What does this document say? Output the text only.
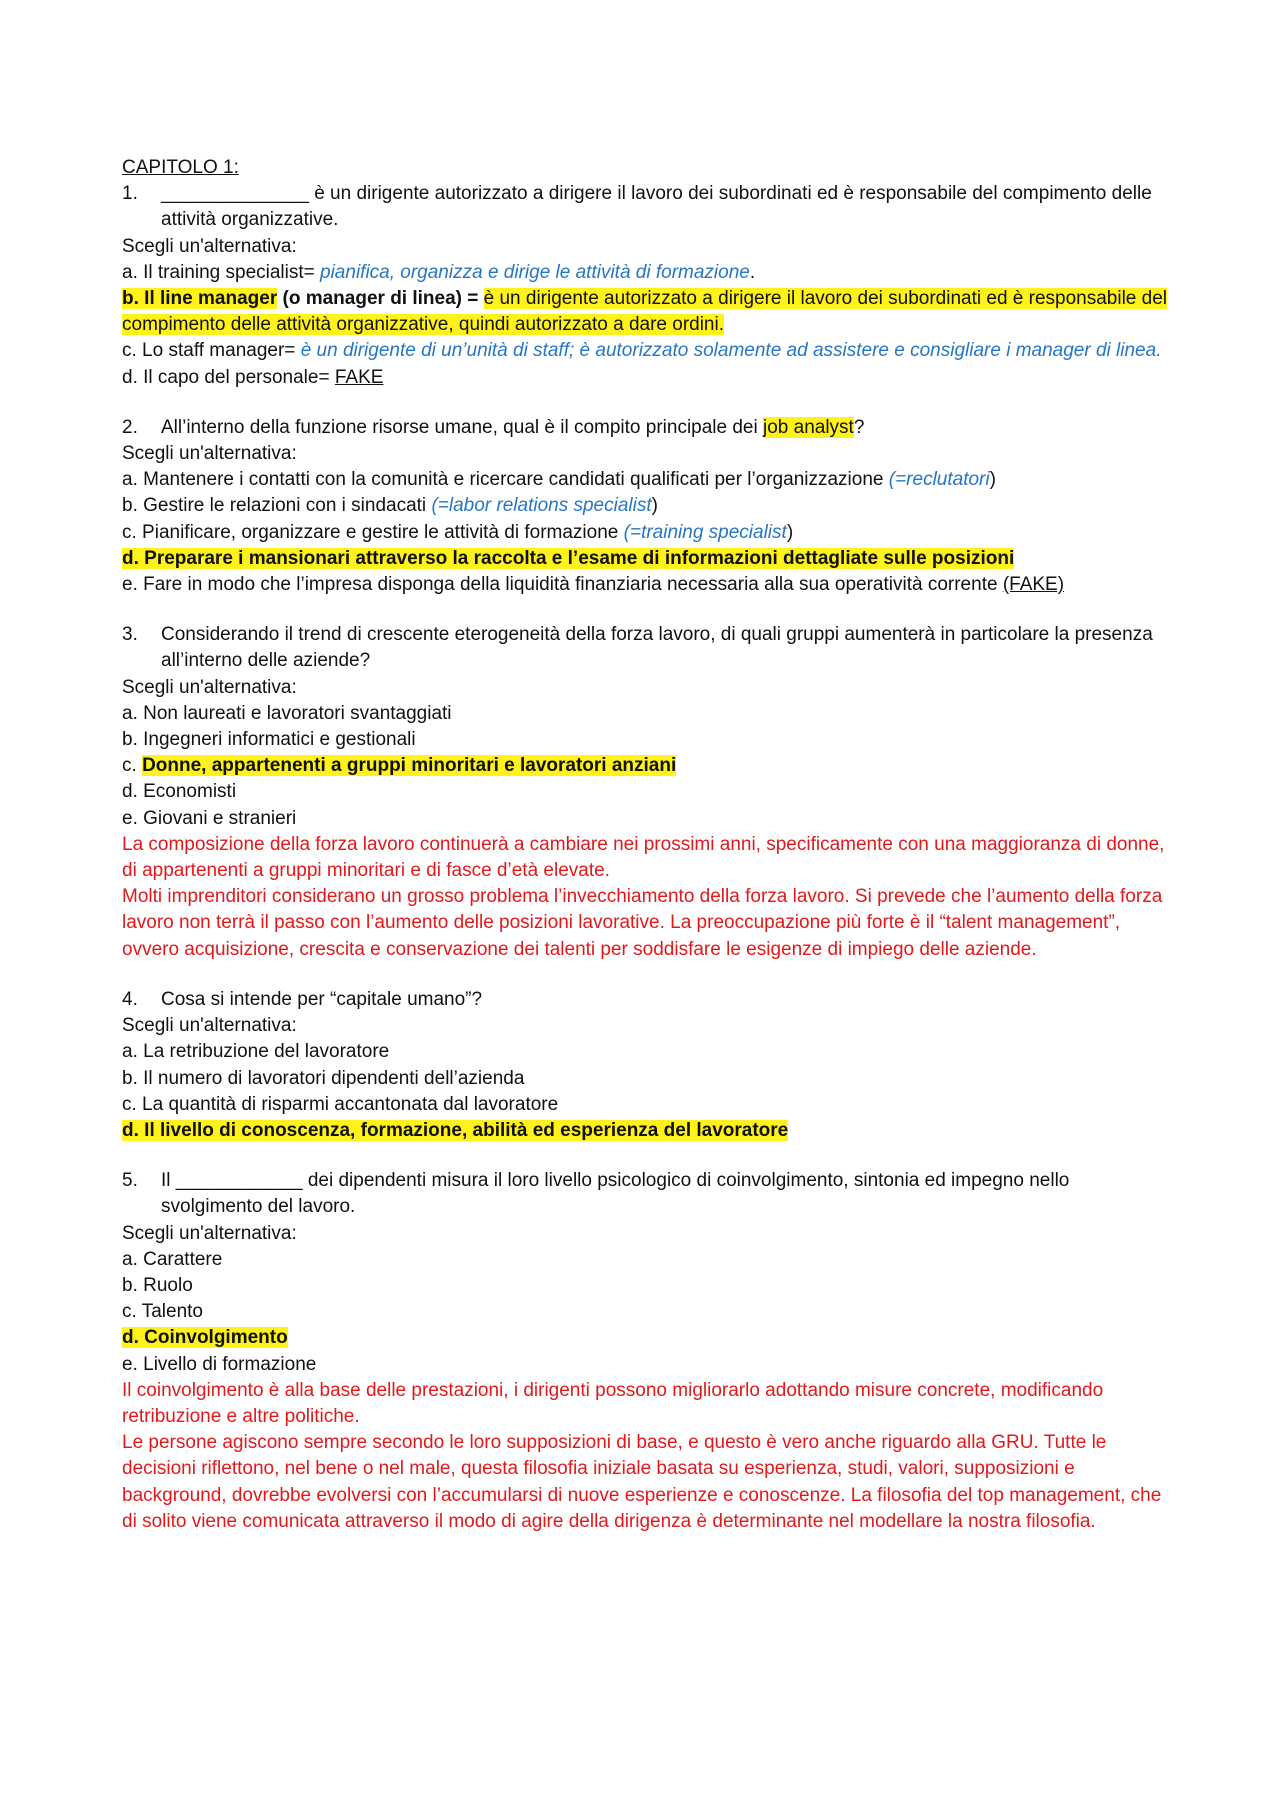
CAPITOLO 1:
1.	______________ è un dirigente autorizzato a dirigere il lavoro dei subordinati ed è responsabile del compimento delle attività organizzative.
Scegli un'alternativa:
a. Il training specialist= pianifica, organizza e dirige le attività di formazione.
b. Il line manager (o manager di linea) = è un dirigente autorizzato a dirigere il lavoro dei subordinati ed è responsabile del compimento delle attività organizzative, quindi autorizzato a dare ordini.
c. Lo staff manager= è un dirigente di un’unità di staff; è autorizzato solamente ad assistere e consigliare i manager di linea.
d. Il capo del personale= FAKE
2.	All’interno della funzione risorse umane, qual è il compito principale dei job analyst?
Scegli un'alternativa:
a. Mantenere i contatti con la comunità e ricercare candidati qualificati per l’organizzazione (=reclutatori)
b. Gestire le relazioni con i sindacati (=labor relations specialist)
c. Pianificare, organizzare e gestire le attività di formazione (=training specialist)
d. Preparare i mansionari attraverso la raccolta e l’esame di informazioni dettagliate sulle posizioni
e. Fare in modo che l’impresa disponga della liquidità finanziaria necessaria alla sua operatività corrente (FAKE)
3.	Considerando il trend di crescente eterogeneità della forza lavoro, di quali gruppi aumenterà in particolare la presenza all’interno delle aziende?
Scegli un'alternativa:
a. Non laureati e lavoratori svantaggiati
b. Ingegneri informatici e gestionali
c. Donne, appartenenti a gruppi minoritari e lavoratori anziani
d. Economisti
e. Giovani e stranieri
La composizione della forza lavoro continuerà a cambiare nei prossimi anni, specificamente con una maggioranza di donne, di appartenenti a gruppi minoritari e di fasce d’età elevate.
Molti imprenditori considerano un grosso problema l’invecchiamento della forza lavoro. Si prevede che l’aumento della forza lavoro non terrà il passo con l’aumento delle posizioni lavorative. La preoccupazione più forte è il “talent management”, ovvero acquisizione, crescita e conservazione dei talenti per soddisfare le esigenze di impiego delle aziende.
4.	Cosa si intende per “capitale umano”?
Scegli un'alternativa:
a. La retribuzione del lavoratore
b. Il numero di lavoratori dipendenti dell’azienda
c. La quantità di risparmi accantonata dal lavoratore
d. Il livello di conoscenza, formazione, abilità ed esperienza del lavoratore
5.	Il ____________ dei dipendenti misura il loro livello psicologico di coinvolgimento, sintonia ed impegno nello svolgimento del lavoro.
Scegli un'alternativa:
a. Carattere
b. Ruolo
c. Talento
d. Coinvolgimento
e. Livello di formazione
Il coinvolgimento è alla base delle prestazioni, i dirigenti possono migliorarlo adottando misure concrete, modificando retribuzione e altre politiche.
Le persone agiscono sempre secondo le loro supposizioni di base, e questo è vero anche riguardo alla GRU. Tutte le decisioni riflettono, nel bene o nel male, questa filosofia iniziale basata su esperienza, studi, valori, supposizioni e background, dovrebbe evolversi con l’accumularsi di nuove esperienze e conoscenze. La filosofia del top management, che di solito viene comunicata attraverso il modo di agire della dirigenza è determinante nel modellare la nostra filosofia.
